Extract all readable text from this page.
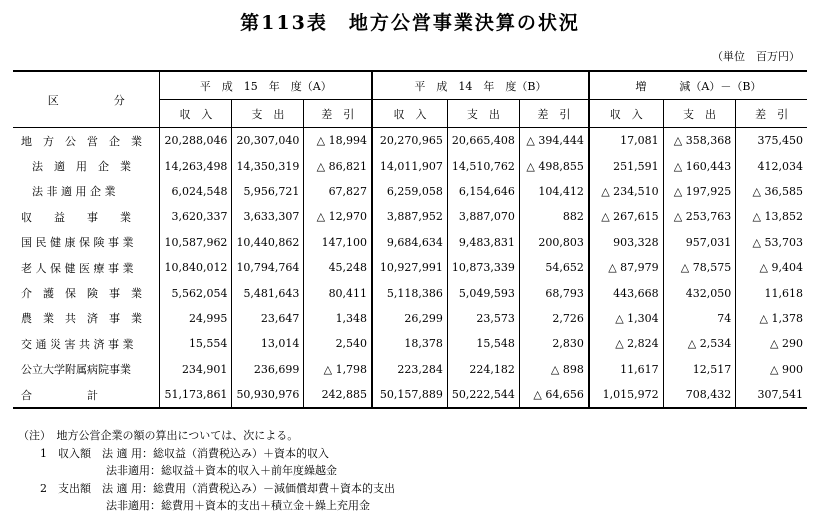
第113表　地方公営事業決算の状況
（単位　百万円）
区　　　　　分	平　成　15　年　度（A）			平　成　14　年　度（B）			増　　　減（A）－（B）		
	収　入	支　出	差　引	収　入	支　出	差　引	収　入	支　出	差　引
地　方　公　営　企　業	20,288,046	20,307,040	△ 18,994	20,270,965	20,665,408	△ 394,444	17,081	△ 358,368	375,450
　法　適　用　企　業	14,263,498	14,350,319	△ 86,821	14,011,907	14,510,762	△ 498,855	251,591	△ 160,443	412,034
　法 非 適 用 企 業	6,024,548	5,956,721	67,827	6,259,058	6,154,646	104,412	△ 234,510	△ 197,925	△ 36,585
収　　益　　事　　業	3,620,337	3,633,307	△ 12,970	3,887,952	3,887,070	882	△ 267,615	△ 253,763	△ 13,852
国 民 健 康 保 険 事 業	10,587,962	10,440,862	147,100	9,684,634	9,483,831	200,803	903,328	957,031	△ 53,703
老 人 保 健 医 療 事 業	10,840,012	10,794,764	45,248	10,927,991	10,873,339	54,652	△ 87,979	△ 78,575	△ 9,404
介　護　保　険　事　業	5,562,054	5,481,643	80,411	5,118,386	5,049,593	68,793	443,668	432,050	11,618
農　業　共　済　事　業	24,995	23,647	1,348	26,299	23,573	2,726	△ 1,304	74	△ 1,378
交 通 災 害 共 済 事 業	15,554	13,014	2,540	18,378	15,548	2,830	△ 2,824	△ 2,534	△ 290
公立大学附属病院事業	234,901	236,699	△ 1,798	223,284	224,182	△ 898	11,617	12,517	△ 900
合　　　　　計	51,173,861	50,930,976	242,885	50,157,889	50,222,544	△ 64,656	1,015,972	708,432	307,541
（注）　地方公営企業の額の算出については、次による。
　　1　収入額　法 適 用：総収益（消費税込み）＋資本的収入
　　　　　　　　法非適用：総収益＋資本的収入＋前年度繰越金
　　2　支出額　法 適 用：総費用（消費税込み）－減価償却費＋資本的支出
　　　　　　　　法非適用：総費用＋資本的支出＋積立金＋繰上充用金
